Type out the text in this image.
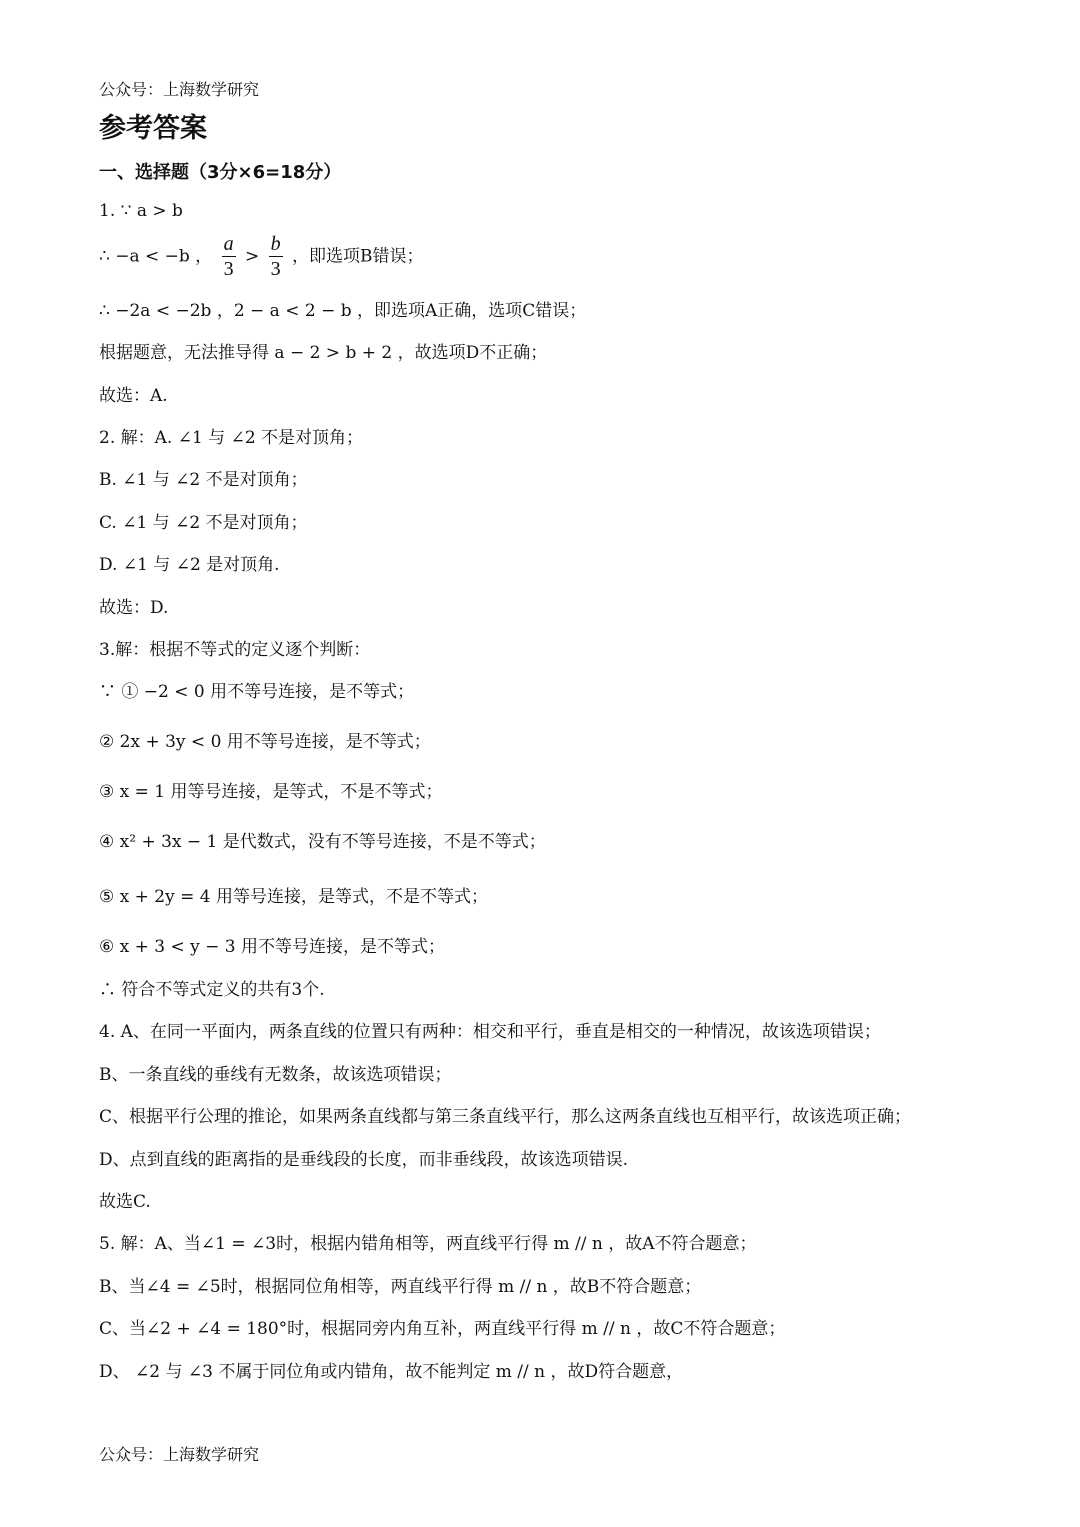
公众号：上海数学研究
参考答案
一、选择题（3分×6=18分）
1. ∵ a > b
∴ −a < −b ， $\frac{a}{3} > \frac{b}{3}$ ，即选项B错误；
∴ −2a < −2b ，2 − a < 2 − b ，即选项A正确，选项C错误；
根据题意，无法推导得 a − 2 > b + 2 ，故选项D不正确；
故选：A.
2. 解：A. ∠1 与 ∠2 不是对顶角；
B. ∠1 与 ∠2 不是对顶角；
C. ∠1 与 ∠2 不是对顶角；
D. ∠1 与 ∠2 是对顶角.
故选：D.
3.解：根据不等式的定义逐个判断：
∵ ① −2 < 0 用不等号连接，是不等式；
② 2x + 3y < 0 用不等号连接，是不等式；
③ x = 1 用等号连接，是等式，不是不等式；
④ x² + 3x − 1 是代数式，没有不等号连接，不是不等式；
⑤ x + 2y = 4 用等号连接，是等式，不是不等式；
⑥ x + 3 < y − 3 用不等号连接，是不等式；
∴ 符合不等式定义的共有3个.
4. A、在同一平面内，两条直线的位置只有两种：相交和平行，垂直是相交的一种情况，故该选项错误；
B、一条直线的垂线有无数条，故该选项错误；
C、根据平行公理的推论，如果两条直线都与第三条直线平行，那么这两条直线也互相平行，故该选项正确；
D、点到直线的距离指的是垂线段的长度，而非垂线段，故该选项错误.
故选C.
5. 解：A、当∠1 = ∠3时，根据内错角相等，两直线平行得 m // n ，故A不符合题意；
B、当∠4 = ∠5时，根据同位角相等，两直线平行得 m // n ，故B不符合题意；
C、当∠2 + ∠4 = 180°时，根据同旁内角互补，两直线平行得 m // n ，故C不符合题意；
D、 ∠2 与 ∠3 不属于同位角或内错角，故不能判定 m // n ，故D符合题意，
公众号：上海数学研究
